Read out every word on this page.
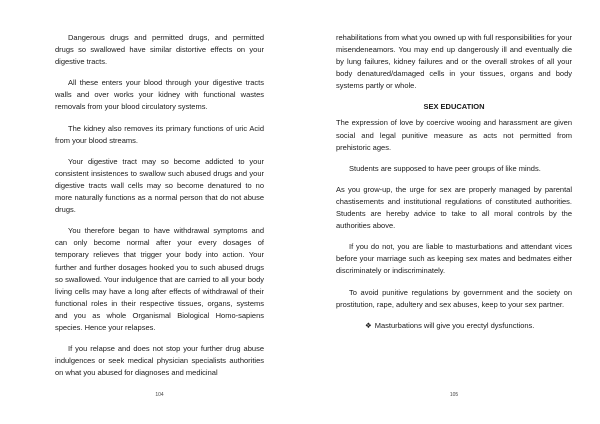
Dangerous drugs and permitted drugs, and permitted drugs so swallowed have similar distortive effects on your digestive tracts.

All these enters your blood through your digestive tracts walls and over works your kidney with functional wastes removals from your blood circulatory systems.

The kidney also removes its primary functions of uric Acid from your blood streams.

Your digestive tract may so become addicted to your consistent insistences to swallow such abused drugs and your digestive tracts wall cells may so become denatured to no more naturally functions as a normal person that do not abuse drugs.

You therefore began to have withdrawal symptoms and can only become normal after your every dosages of temporary relieves that trigger your body into action. Your further and further dosages hooked you to such abused drugs so swallowed. Your indulgence that are carried to all your body living cells may have a long after effects of withdrawal of their functional roles in their respective tissues, organs, systems and you as whole Organismal Biological Homo-sapiens species. Hence your relapses.

If you relapse and does not stop your further drug abuse indulgences or seek medical physician specialists authorities on what you abused for diagnoses and medicinal

104

rehabilitations from what you owned up with full responsibilities for your misendeneamors. You may end up dangerously ill and eventually die by lung failures, kidney failures and or the overall strokes of all your body denatured/damaged cells in your tissues, organs and body systems partly or whole.

SEX EDUCATION

The expression of love by coercive wooing and harassment are given social and legal punitive measure as acts not permitted from prehistoric ages.

Students are supposed to have peer groups of like minds.

As you grow-up, the urge for sex are properly managed by parental chastisements and institutional regulations of constituted authorities. Students are hereby advice to take to all moral controls by the authorities above.

If you do not, you are liable to masturbations and attendant vices before your marriage such as keeping sex mates and bedmates either discriminately or indiscriminately.

To avoid punitive regulations by government and the society on prostitution, rape, adultery and sex abuses, keep to your sex partner.

❖ Masturbations will give you erectyl dysfunctions.

105
